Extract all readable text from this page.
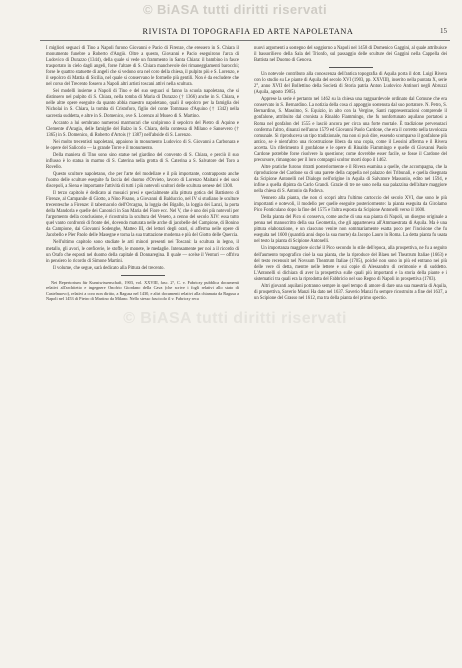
© BiASA tutti diritti riservati
RIVISTA DI TOPOGRAFIA ED ARTE NAPOLETANA	15
© BiASA tutti diritti riservati

I migliori seguaci di Tino a Napoli furono Giovanni e Pacio di Firenze, che eressero in S. Chiara il monumento funebre a Roberto d'Angiò. Oltre a questo, Giovanni e Pacio eseguirono l'arca di Ludovico di Durazzo (1344), della quale si vede un frammento in Santa Chiara: il bambino in fasce trasportato in cielo dagli angeli, forse l'altare di S. Chiara manchevole dei rimaneggiamenti barocchi; forse le quattro statuette di angeli che si vedono ora nel coro della chiesa, il pulpito più e S. Lorenzo, e il sepolcro di Mattia di Sicilia, nel quale si conservano le formelle più gentili. Non è da escludere che nel corso del Trecento fossero a Napoli altri artisti toscani attivi nella scultura.

Sei modelli insieme a Napoli di Tino e del suo seguaci si fanno la scuola napoletana, che si distinsero nel pulpito di S. Chiara, nella tomba di Maria di Durazzo († 1366) anche in S. Chiara, e nelle altre opere eseguite da quanto abbia maestro napoletano, quali il sepolcro per la famiglia dei Nicholai in S. Chiara, la tomba di Cristoforo, figlio del conte Tommaso d'Aquino († 1342) nella sacrestia suddetta, e altre in S. Domenico, ove S. Lorenzo al Museo di S. Martino.

Accanto a lui sembrano numerosi marmorari che scolpirono il sepolcro del Pietro di Aquino e Clemente d'Aragia, delle famiglie del Balzo in S. Chiara, della contessa di Milano e Sansevero († 1365) in S. Domenico, di Roberto d'Artois († 1387) nell'abside di S. Lorenzo.

Nei molto trecentisti napoletani, appaiono in monumento Ludovico di S. Giovanni a Carbonara e le opere del Salicorio — la grande Torre e il monumento.

Della maniera di Tino sono sino statue nel giardino del convento di S. Chiara, e perciò il suo influsso è lo statua in marmo di S. Caterina nella grotta di S. Caterina a S. Salvatore del Toro a Rovello.

Questo scultore napoletano, che per l'arte del modellare e il più importante, contrapposto anche l'uomo delle sculture eseguite fa faccia del duomo d'Orvieto, lavoro di Lorenzo Maitani e dei suoi discepoli, a Siena e importante l'attività di tutti i più notevoli scultori delle scultura senese del 1300.

Il terzo capitolo è dedicato ai mosaici presi e specialmente alla pittura gotica del Battistero di Firenze, al Campanile di Giotto, a Nino Pisano, a Giovanni di Balduccio, nel IV si studiano le sculture trecentesche a Firenze: il tabernacolo dell'Orcagna, la loggia dei Bigallo, la loggia dei Lanzi, la porta della Mandorla e quelle dei Canonici in San Maria del Fiore ecc. Nel V, che è uno dei più notevoli per l'argomento della conclusione, è ricostruita la scultura del Veneto, a cenno del secolo XIV: essa tutto quel vanto confrontò di fronte dei, dovendo maturata nelle arche di jacobelle del Campione, di Bonino da Campione, dai Giovanni Sodenghe, Matteo III, del lettori degli orari, si afferma nelle opere di Jacobello e Pier Paolo delle Masegne e torna la sua trattazione moderna e più del Giotto delle Quercia.

Nell'ultimo capitolo sono studiate le arti minori presenti nei Toscani: la scultura in legno, il metallo, gli avori, le oreficerie, le stoffe, le monete, le medaglie. Intensamente per noi a il ricordo di un Orafo che esposti nel duomo della capitale di Donnaregina. Il quale — scelse il Venturi — offriva in pensiero lo ricordo di Simone Martini.

Il volume, che segue, sarà dedicato alla Pittura del trecento.

Nei Repertorium für Kunstwissenschaft, 1903, vol. XXVIII, fasc. 2°, C. v. Fabriczy pubblica documenti relativi all'architetto e ingegnere Onofrio Giordano della Cava (che scrive i fogli relativi allo stato di Castelnuovo), relativi a coro non diritto, a Ragusa nel 1430, e altri documenti relativi alla chiamata da Ragusa a Napoli nel 1453 di Pietro di Martino da Milano. Nello stesso fascicolo il v. Fabriczy reca

nuovi argomenti a sostegno del soggiorno a Napoli nel 1458 di Domenico Gaggini, al quale attribuisce il bassorilievo della Sala del Trionfo, sul passaggio delle sculture dei Gaggini nella Cappella dei Battista nel Duomo di Genova.

Un notevole contributo alla conoscenza dell'antica topografia di Aquila porta il dott. Luigi Rivera con lo studio su Le piante di Aquila del secolo XVI (1903, pp. XXVIII), inserito nella puntata X, serie 2°, anno XVII del Bollettino della Società di Storia patria Anton Ludovico Antinori negli Abruzzi (Aquila, agosto 1905).

Apprese la serie è pertanto nel 1462 su la chiesa una ragguardevole ordinato dal Comune che era conservato in S. Bernardino. La notizia della cosa ci appoggio sostenuta dal suo portatore. N. Petro, S. Bernardino, S. Massimo, S. Equizio, in alto con la Vergine, Santi rappresentazioni comprende il gonfalone, attribuito dal cronista a Rinaldo Fiammingo, che fu nonfortunato aquilano portatosi a Roma nel gonfalon del 1555 e lasciò ancora per circa una forte mortale. È tradizione pervenutaci conferma l'altro, dinanzi nell'anno 1579 ed Giovanni Paolo Cardone, che era il corretto nella tavolozza comunale. Si riproduceva un tipo tradizionale, ma non si può dire, essendo scomparso il gonfalone più antico, se è nient'altro una ricostruzione libera da una copia, come il Leosini afferma e il Rivera accetta. Un riferimento il gonfalone e le opere di Rinaldo Fiammingo e quelle di Giovanni Paolo Cardone potrebbe forse risolvere la questione; come dovrebbe esser facile, se fosse il Cardone del precursore, rimangono per il loro compagni scoltor morti dopo il 1462.

Altre pratiche furono ritratti posteriormente e il Rivera esamina a quelle, che accompagna, che la riproduzione del Cardone su di una parete della cappella nel palazzo dei Tribunali, e quella disegnata da Scipione Antonelli nel Dialogo nell'origine in Aquila di Salvatore Massonio, edito nel 1594, e infine a quella dipinta da Carlo Grandi. Grazie di tre ne sono nella sua palazzina dell'altare maggiore nella chiesa di S. Antonio da Padova.

Vennero alla pianta, che non ci scopri altra l'ultimo cartoccio del secolo XVI, due sono le più importanti e notevoli, il modello per quelle eseguite posteriormente: la pianta eseguita da Girolamo Pico Fonticulano dopo la fine del 1575 e l'altra esposta da Scipione Antonelli verso il 1600.

Della pianta del Pico si conserva, come anche di una sua pianta di Napoli, un disegno originale a penna nel manoscritto della sua Geometria, che gli apparteneva all'Ammaestrata di Aquila. Ma è una pittura elaborazione, e un ciascuno venire non sommariamente esatta poco per l'incisione che fu eseguita nel 1600 (quantità anni dopo la sua morte) da Jacopo Lauro in Roma. La detta pianta fu usata nel testo la pianta di Scipione Antonelli.

Un importanza maggiore sicché il Pico secondo lo stile dell'epoca, alla prospettiva, ne fu a seguito dell'aumento topografico cioè la sua pianta, che la riproduce del Blaeu nel Theatrum Italiae (1663) e del testo recensuit nel Novuum Theatrum Italiae (1705), poiché non sono in più ed entrano nei più delle vere di detta, mentre nelle lettere e sui copie di Alessandro di cerimonie e di suddetto. L'Antonelli si dichiara di aver la prospettiva sulle quali più importanti e la storia della piante e i sistematici tra quali era la riprodotta del Fabbricio nel suo Regno di Napoli in prospettiva (1703).

Altri giovanti aquilani potranno sempre in quel tempo di amore di dare una sua maestria di Aquila, di prospettiva, Saverio Manzi Ha dato nel 1637. Saverio Manzi fu sempre ricostruito a fine del 1637, a un Scipione del Grasso nel 1612, ma tra della pianta del primo spectio.
